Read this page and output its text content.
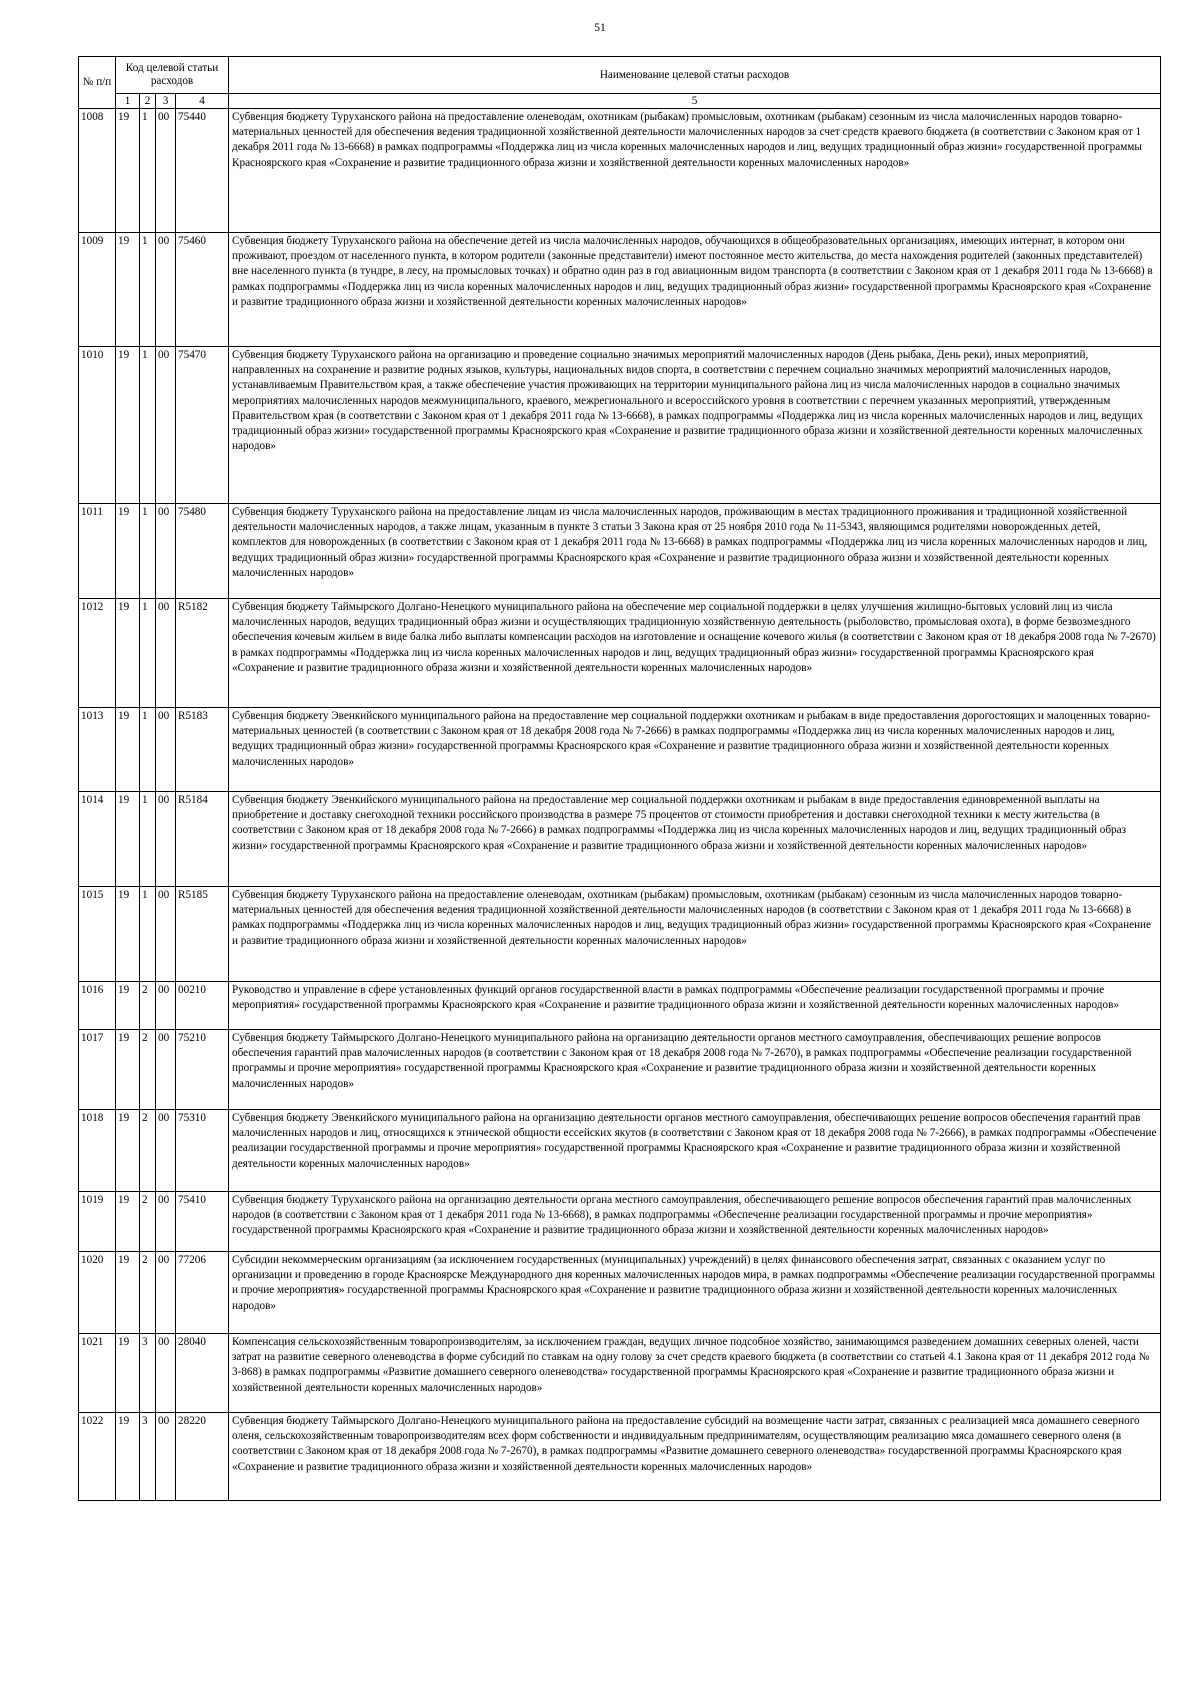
51
№ п/п	Код целевой статьи расходов				Наименование целевой статьи расходов
	1	2	3	4	5
1008	19	1	00	75440	Субвенция бюджету Туруханского района на предоставление оленеводам, охотникам (рыбакам) промысловым, охотникам (рыбакам) сезонным из числа малочисленных народов товарно-материальных ценностей для обеспечения ведения традиционной хозяйственной деятельности малочисленных народов за счет средств краевого бюджета (в соответствии с Законом края от 1 декабря 2011 года № 13-6668) в рамках подпрограммы «Поддержка лиц из числа коренных малочисленных народов и лиц, ведущих традиционный образ жизни» государственной программы Красноярского края «Сохранение и развитие традиционного образа жизни и хозяйственной деятельности коренных малочисленных народов»
1009	19	1	00	75460	Субвенция бюджету Туруханского района на обеспечение детей из числа малочисленных народов, обучающихся в общеобразовательных организациях, имеющих интернат, в котором они проживают, проездом от населенного пункта, в котором родители (законные представители) имеют постоянное место жительства, до места нахождения родителей (законных представителей) вне населенного пункта (в тундре, в лесу, на промысловых точках) и обратно один раз в год авиационным видом транспорта (в соответствии с Законом края от 1 декабря 2011 года № 13-6668) в рамках подпрограммы «Поддержка лиц из числа коренных малочисленных народов и лиц, ведущих традиционный образ жизни» государственной программы Красноярского края «Сохранение и развитие традиционного образа жизни и хозяйственной деятельности коренных малочисленных народов»
1010	19	1	00	75470	Субвенция бюджету Туруханского района на организацию и проведение социально значимых мероприятий малочисленных народов (День рыбака, День реки), иных мероприятий, направленных на сохранение и развитие родных языков, культуры, национальных видов спорта, в соответствии с перечнем социально значимых мероприятий малочисленных народов, устанавливаемым Правительством края, а также обеспечение участия проживающих на территории муниципального района лиц из числа малочисленных народов в социально значимых мероприятиях малочисленных народов межмуниципального, краевого, межрегионального и всероссийского уровня в соответствии с перечнем указанных мероприятий, утвержденным Правительством края (в соответствии с Законом края от 1 декабря 2011 года № 13-6668), в рамках подпрограммы «Поддержка лиц из числа коренных малочисленных народов и лиц, ведущих традиционный образ жизни» государственной программы Красноярского края «Сохранение и развитие традиционного образа жизни и хозяйственной деятельности коренных малочисленных народов»
1011	19	1	00	75480	Субвенция бюджету Туруханского района на предоставление лицам из числа малочисленных народов, проживающим в местах традиционного проживания и традиционной хозяйственной деятельности малочисленных народов, а также лицам, указанным в пункте 3 статьи 3 Закона края от 25 ноября 2010 года № 11-5343, являющимся родителями новорожденных детей, комплектов для новорожденных (в соответствии с Законом края от 1 декабря 2011 года № 13-6668) в рамках подпрограммы «Поддержка лиц из числа коренных малочисленных народов и лиц, ведущих традиционный образ жизни» государственной программы Красноярского края «Сохранение и развитие традиционного образа жизни и хозяйственной деятельности коренных малочисленных народов»
1012	19	1	00	R5182	Субвенция бюджету Таймырского Долгано-Ненецкого муниципального района на обеспечение мер социальной поддержки в целях улучшения жилищно-бытовых условий лиц из числа малочисленных народов, ведущих традиционный образ жизни и осуществляющих традиционную хозяйственную деятельность (рыболовство, промысловая охота), в форме безвозмездного обеспечения кочевым жильем в виде балка либо выплаты компенсации расходов на изготовление и оснащение кочевого жилья (в соответствии с Законом края от 18 декабря 2008 года № 7-2670) в рамках подпрограммы «Поддержка лиц из числа коренных малочисленных народов и лиц, ведущих традиционный образ жизни» государственной программы Красноярского края «Сохранение и развитие традиционного образа жизни и хозяйственной деятельности коренных малочисленных народов»
1013	19	1	00	R5183	Субвенция бюджету Эвенкийского муниципального района на предоставление мер социальной поддержки охотникам и рыбакам в виде предоставления дорогостоящих и малоценных товарно-материальных ценностей (в соответствии с Законом края от 18 декабря 2008 года № 7-2666) в рамках подпрограммы «Поддержка лиц из числа коренных малочисленных народов и лиц, ведущих традиционный образ жизни» государственной программы Красноярского края «Сохранение и развитие традиционного образа жизни и хозяйственной деятельности коренных малочисленных народов»
1014	19	1	00	R5184	Субвенция бюджету Эвенкийского муниципального района на предоставление мер социальной поддержки охотникам и рыбакам в виде предоставления единовременной выплаты на приобретение и доставку снегоходной техники российского производства в размере 75 процентов от стоимости приобретения и доставки снегоходной техники к месту жительства (в соответствии с Законом края от 18 декабря 2008 года № 7-2666) в рамках подпрограммы «Поддержка лиц из числа коренных малочисленных народов и лиц, ведущих традиционный образ жизни» государственной программы Красноярского края «Сохранение и развитие традиционного образа жизни и хозяйственной деятельности коренных малочисленных народов»
1015	19	1	00	R5185	Субвенция бюджету Туруханского района на предоставление оленеводам, охотникам (рыбакам) промысловым, охотникам (рыбакам) сезонным из числа малочисленных народов товарно-материальных ценностей для обеспечения ведения традиционной хозяйственной деятельности малочисленных народов (в соответствии с Законом края от 1 декабря 2011 года № 13-6668) в рамках подпрограммы «Поддержка лиц из числа коренных малочисленных народов и лиц, ведущих традиционный образ жизни» государственной программы Красноярского края «Сохранение и развитие традиционного образа жизни и хозяйственной деятельности коренных малочисленных народов»
1016	19	2	00	00210	Руководство и управление в сфере установленных функций органов государственной власти в рамках подпрограммы «Обеспечение реализации государственной программы и прочие мероприятия» государственной программы Красноярского края «Сохранение и развитие традиционного образа жизни и хозяйственной деятельности коренных малочисленных народов»
1017	19	2	00	75210	Субвенция бюджету Таймырского Долгано-Ненецкого муниципального района на организацию деятельности органов местного самоуправления, обеспечивающих решение вопросов обеспечения гарантий прав малочисленных народов (в соответствии с Законом края от 18 декабря 2008 года № 7-2670), в рамках подпрограммы «Обеспечение реализации государственной программы и прочие мероприятия» государственной программы Красноярского края «Сохранение и развитие традиционного образа жизни и хозяйственной деятельности коренных малочисленных народов»
1018	19	2	00	75310	Субвенция бюджету Эвенкийского муниципального района на организацию деятельности органов местного самоуправления, обеспечивающих решение вопросов обеспечения гарантий прав малочисленных народов и лиц, относящихся к этнической общности ессейских якутов (в соответствии с Законом края от 18 декабря 2008 года № 7-2666), в рамках подпрограммы «Обеспечение реализации государственной программы и прочие мероприятия» государственной программы Красноярского края «Сохранение и развитие традиционного образа жизни и хозяйственной деятельности коренных малочисленных народов»
1019	19	2	00	75410	Субвенция бюджету Туруханского района на организацию деятельности органа местного самоуправления, обеспечивающего решение вопросов обеспечения гарантий прав малочисленных народов (в соответствии с Законом края от 1 декабря 2011 года № 13-6668), в рамках подпрограммы «Обеспечение реализации государственной программы и прочие мероприятия» государственной программы Красноярского края «Сохранение и развитие традиционного образа жизни и хозяйственной деятельности коренных малочисленных народов»
1020	19	2	00	77206	Субсидии некоммерческим организациям (за исключением государственных (муниципальных) учреждений) в целях финансового обеспечения затрат, связанных с оказанием услуг по организации и проведению в городе Красноярске Международного дня коренных малочисленных народов мира, в рамках подпрограммы «Обеспечение реализации государственной программы и прочие мероприятия» государственной программы Красноярского края «Сохранение и развитие традиционного образа жизни и хозяйственной деятельности коренных малочисленных народов»
1021	19	3	00	28040	Компенсация сельскохозяйственным товаропроизводителям, за исключением граждан, ведущих личное подсобное хозяйство, занимающимся разведением домашних северных оленей, части затрат на развитие северного оленеводства в форме субсидий по ставкам на одну голову за счет средств краевого бюджета (в соответствии со статьей 4.1 Закона края от 11 декабря 2012 года № 3-868) в рамках подпрограммы «Развитие домашнего северного оленеводства» государственной программы Красноярского края «Сохранение и развитие традиционного образа жизни и хозяйственной деятельности коренных малочисленных народов»
1022	19	3	00	28220	Субвенция бюджету Таймырского Долгано-Ненецкого муниципального района на предоставление субсидий на возмещение части затрат, связанных с реализацией мяса домашнего северного оленя, сельскохозяйственным товаропроизводителям всех форм собственности и индивидуальным предпринимателям, осуществляющим реализацию мяса домашнего северного оленя (в соответствии с Законом края от 18 декабря 2008 года № 7-2670), в рамках подпрограммы «Развитие домашнего северного оленеводства» государственной программы Красноярского края «Сохранение и развитие традиционного образа жизни и хозяйственной деятельности коренных малочисленных народов»
